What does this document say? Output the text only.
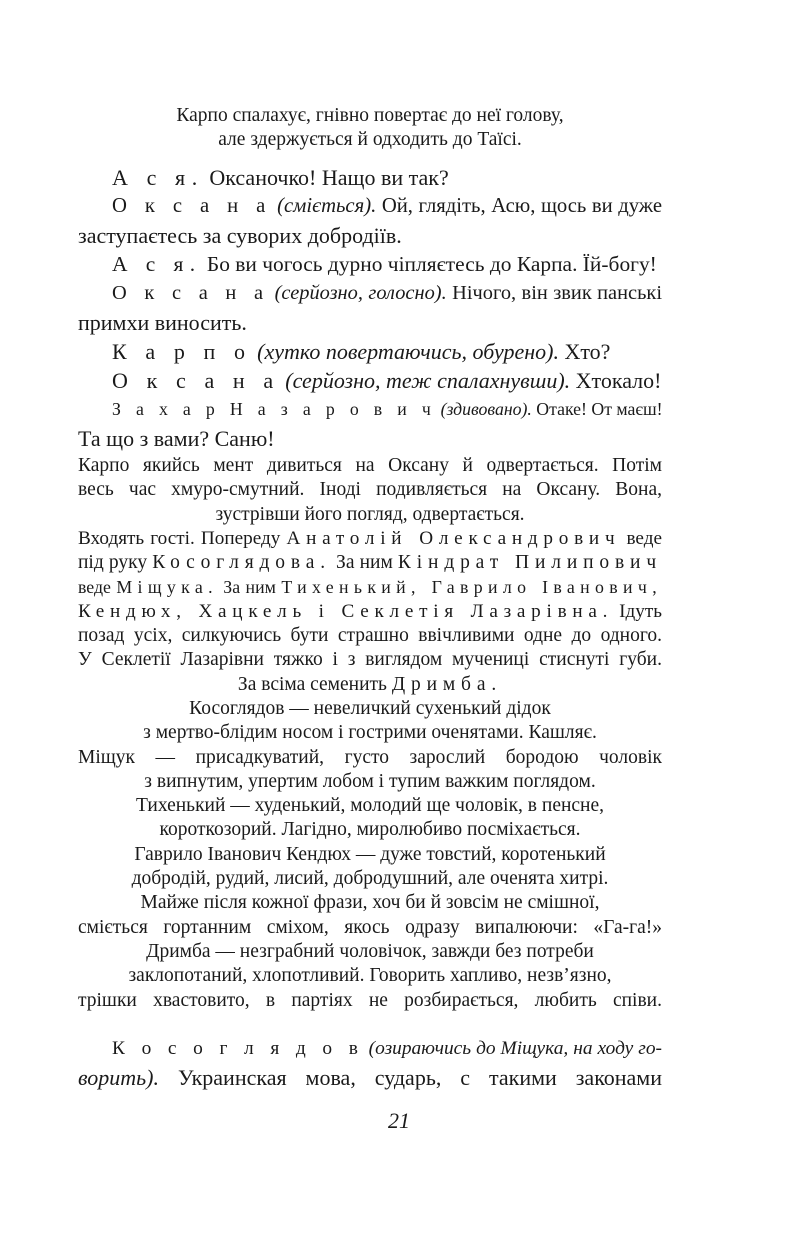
Карпо спалахує, гнівно повертає до неї голову,
але здержується й одходить до Таїсі.
А с я. Оксаночко! Нащо ви так?
О к с а н а (сміється). Ой, глядіть, Асю, щось ви дуже
заступаєтесь за суворих добродіїв.
А с я. Бо ви чогось дурно чіпляєтесь до Карпа. Їй-богу!
О к с а н а (серйозно, голосно). Нічого, він звик панські
примхи виносить.
К а р п о (хутко повертаючись, обурено). Хто?
О к с а н а (серйозно, теж спалахнувши). Хтокало!
З а х а р Н а з а р о в и ч (здивовано). Отаке! От маєш!
Та що з вами? Саню!
Карпо якийсь мент дивиться на Оксану й одвертається. Потім
весь час хмуро-смутний. Іноді подивляється на Оксану. Вона,
зустрівши його погляд, одвертається.
Входять гості. Попереду Анатолій Олександрович веде
під руку Косоглядова. За ним Кіндрат Пилипович
веде Міщука. За ним Тихенький, Гаврило Іванович,
Кендюх, Хацкель і Секлетія Лазарівна. Ідуть
позад усіх, силкуючись бути страшно ввічливими одне до одного.
У Секлетії Лазарівни тяжко і з виглядом мучениці стиснуті губи.
За всіма семенить Дримба.
Косоглядов — невеличкий сухенький дідок
з мертво-блідим носом і гострими оченятами. Кашляє.
Міщук — присадкуватий, густо зарослий бородою чоловік
з випнутим, упертим лобом і тупим важким поглядом.
Тихенький — худенький, молодий ще чоловік, в пенсне,
короткозорий. Лагідно, миролюбиво посміхається.
Гаврило Іванович Кендюх — дуже товстий, коротенький
добродій, рудий, лисий, добродушний, але оченята хитрі.
Майже після кожної фрази, хоч би й зовсім не смішної,
сміється гортанним сміхом, якось одразу випалюючи: «Га-га!»
Дримба — незграбний чоловічок, завжди без потреби
заклопотаний, хлопотливий. Говорить хапливо, незв’язно,
трішки хвастовито, в партіях не розбирається, любить співи.
К о с о г л я д о в (озираючись до Міщука, на ходу го-
ворить). Украинская мова, сударь, с такими законами
21
